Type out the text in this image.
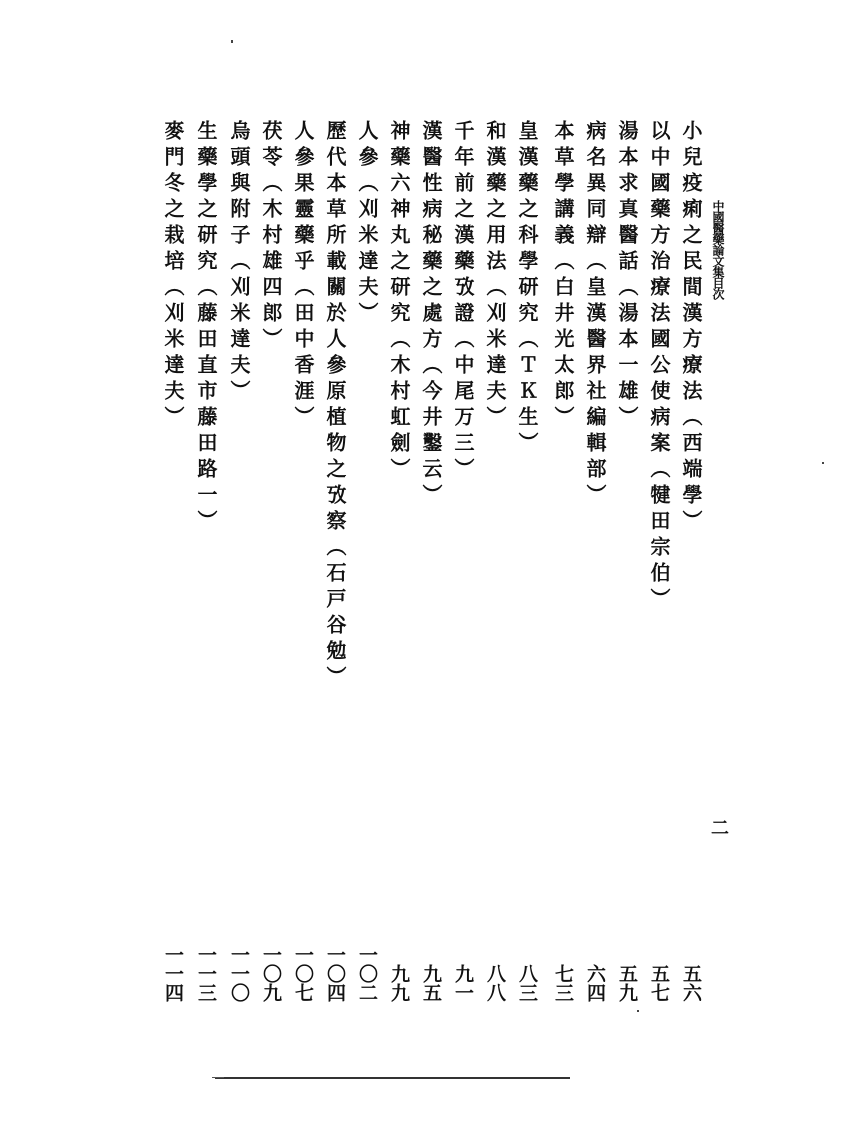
中國醫藥論文集目次
二
小兒疫痢之民間漢方療法（西端學）
五六
以中國藥方治療法國公使病案（犍田宗伯）
五七
湯本求真醫話（湯本一雄）
五九
病名異同辯（皇漢醫界社編輯部）
六四
本草學講義（白井光太郎）
七三
皇漢藥之科學研究（ＴＫ生）
八三
和漢藥之用法（刈米達夫）
八八
千年前之漢藥攷證（中尾万三）
九一
漢醫性病秘藥之處方（今井鑿云）
九五
神藥六神丸之研究（木村虹劍）
九九
人參（刈米達夫）
一〇二
歷代本草所載關於人參原植物之攷察（石戸谷勉）
一〇四
人參果靈藥乎（田中香涯）
一〇七
茯苓（木村雄四郎）
一〇九
烏頭與附子（刈米達夫）
一一〇
生藥學之研究（藤田直市藤田路一）
一一三
麥門冬之栽培（刈米達夫）
一一四
